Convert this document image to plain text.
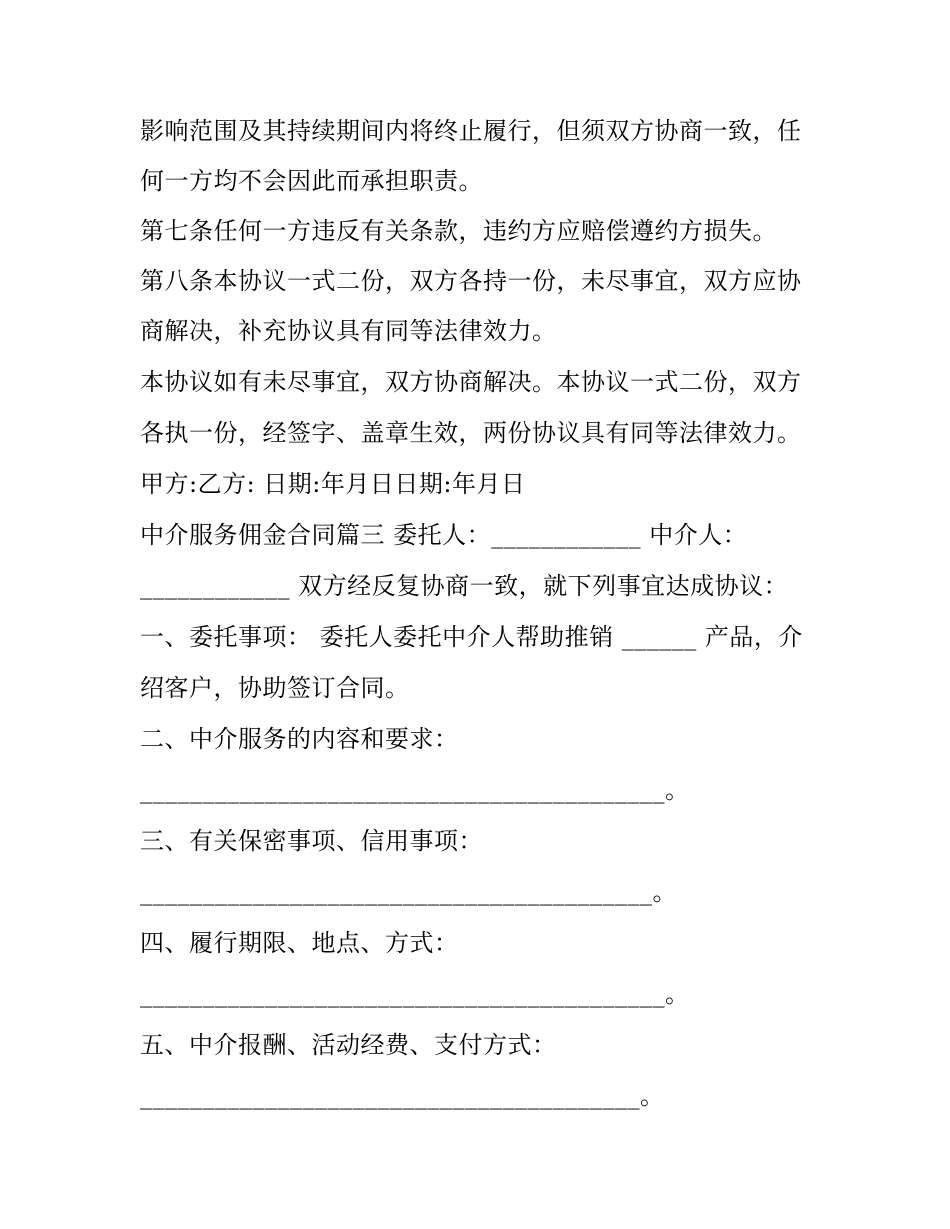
影响范围及其持续期间内将终止履行，但须双方协商一致，任
何一方均不会因此而承担职责。
第七条任何一方违反有关条款，违约方应赔偿遵约方损失。
第八条本协议一式二份，双方各持一份，未尽事宜，双方应协
商解决，补充协议具有同等法律效力。
本协议如有未尽事宜，双方协商解决。本协议一式二份，双方
各执一份，经签字、盖章生效，两份协议具有同等法律效力。
甲方:乙方: 日期:年月日日期:年月日
中介服务佣金合同篇三 委托人：____________ 中介人：
____________ 双方经反复协商一致，就下列事宜达成协议：
一、委托事项： 委托人委托中介人帮助推销 ______ 产品，介
绍客户，协助签订合同。
二、中介服务的内容和要求：
__________________________________________。
三、有关保密事项、信用事项：
_________________________________________。
四、履行期限、地点、方式：
__________________________________________。
五、中介报酬、活动经费、支付方式：
________________________________________。
